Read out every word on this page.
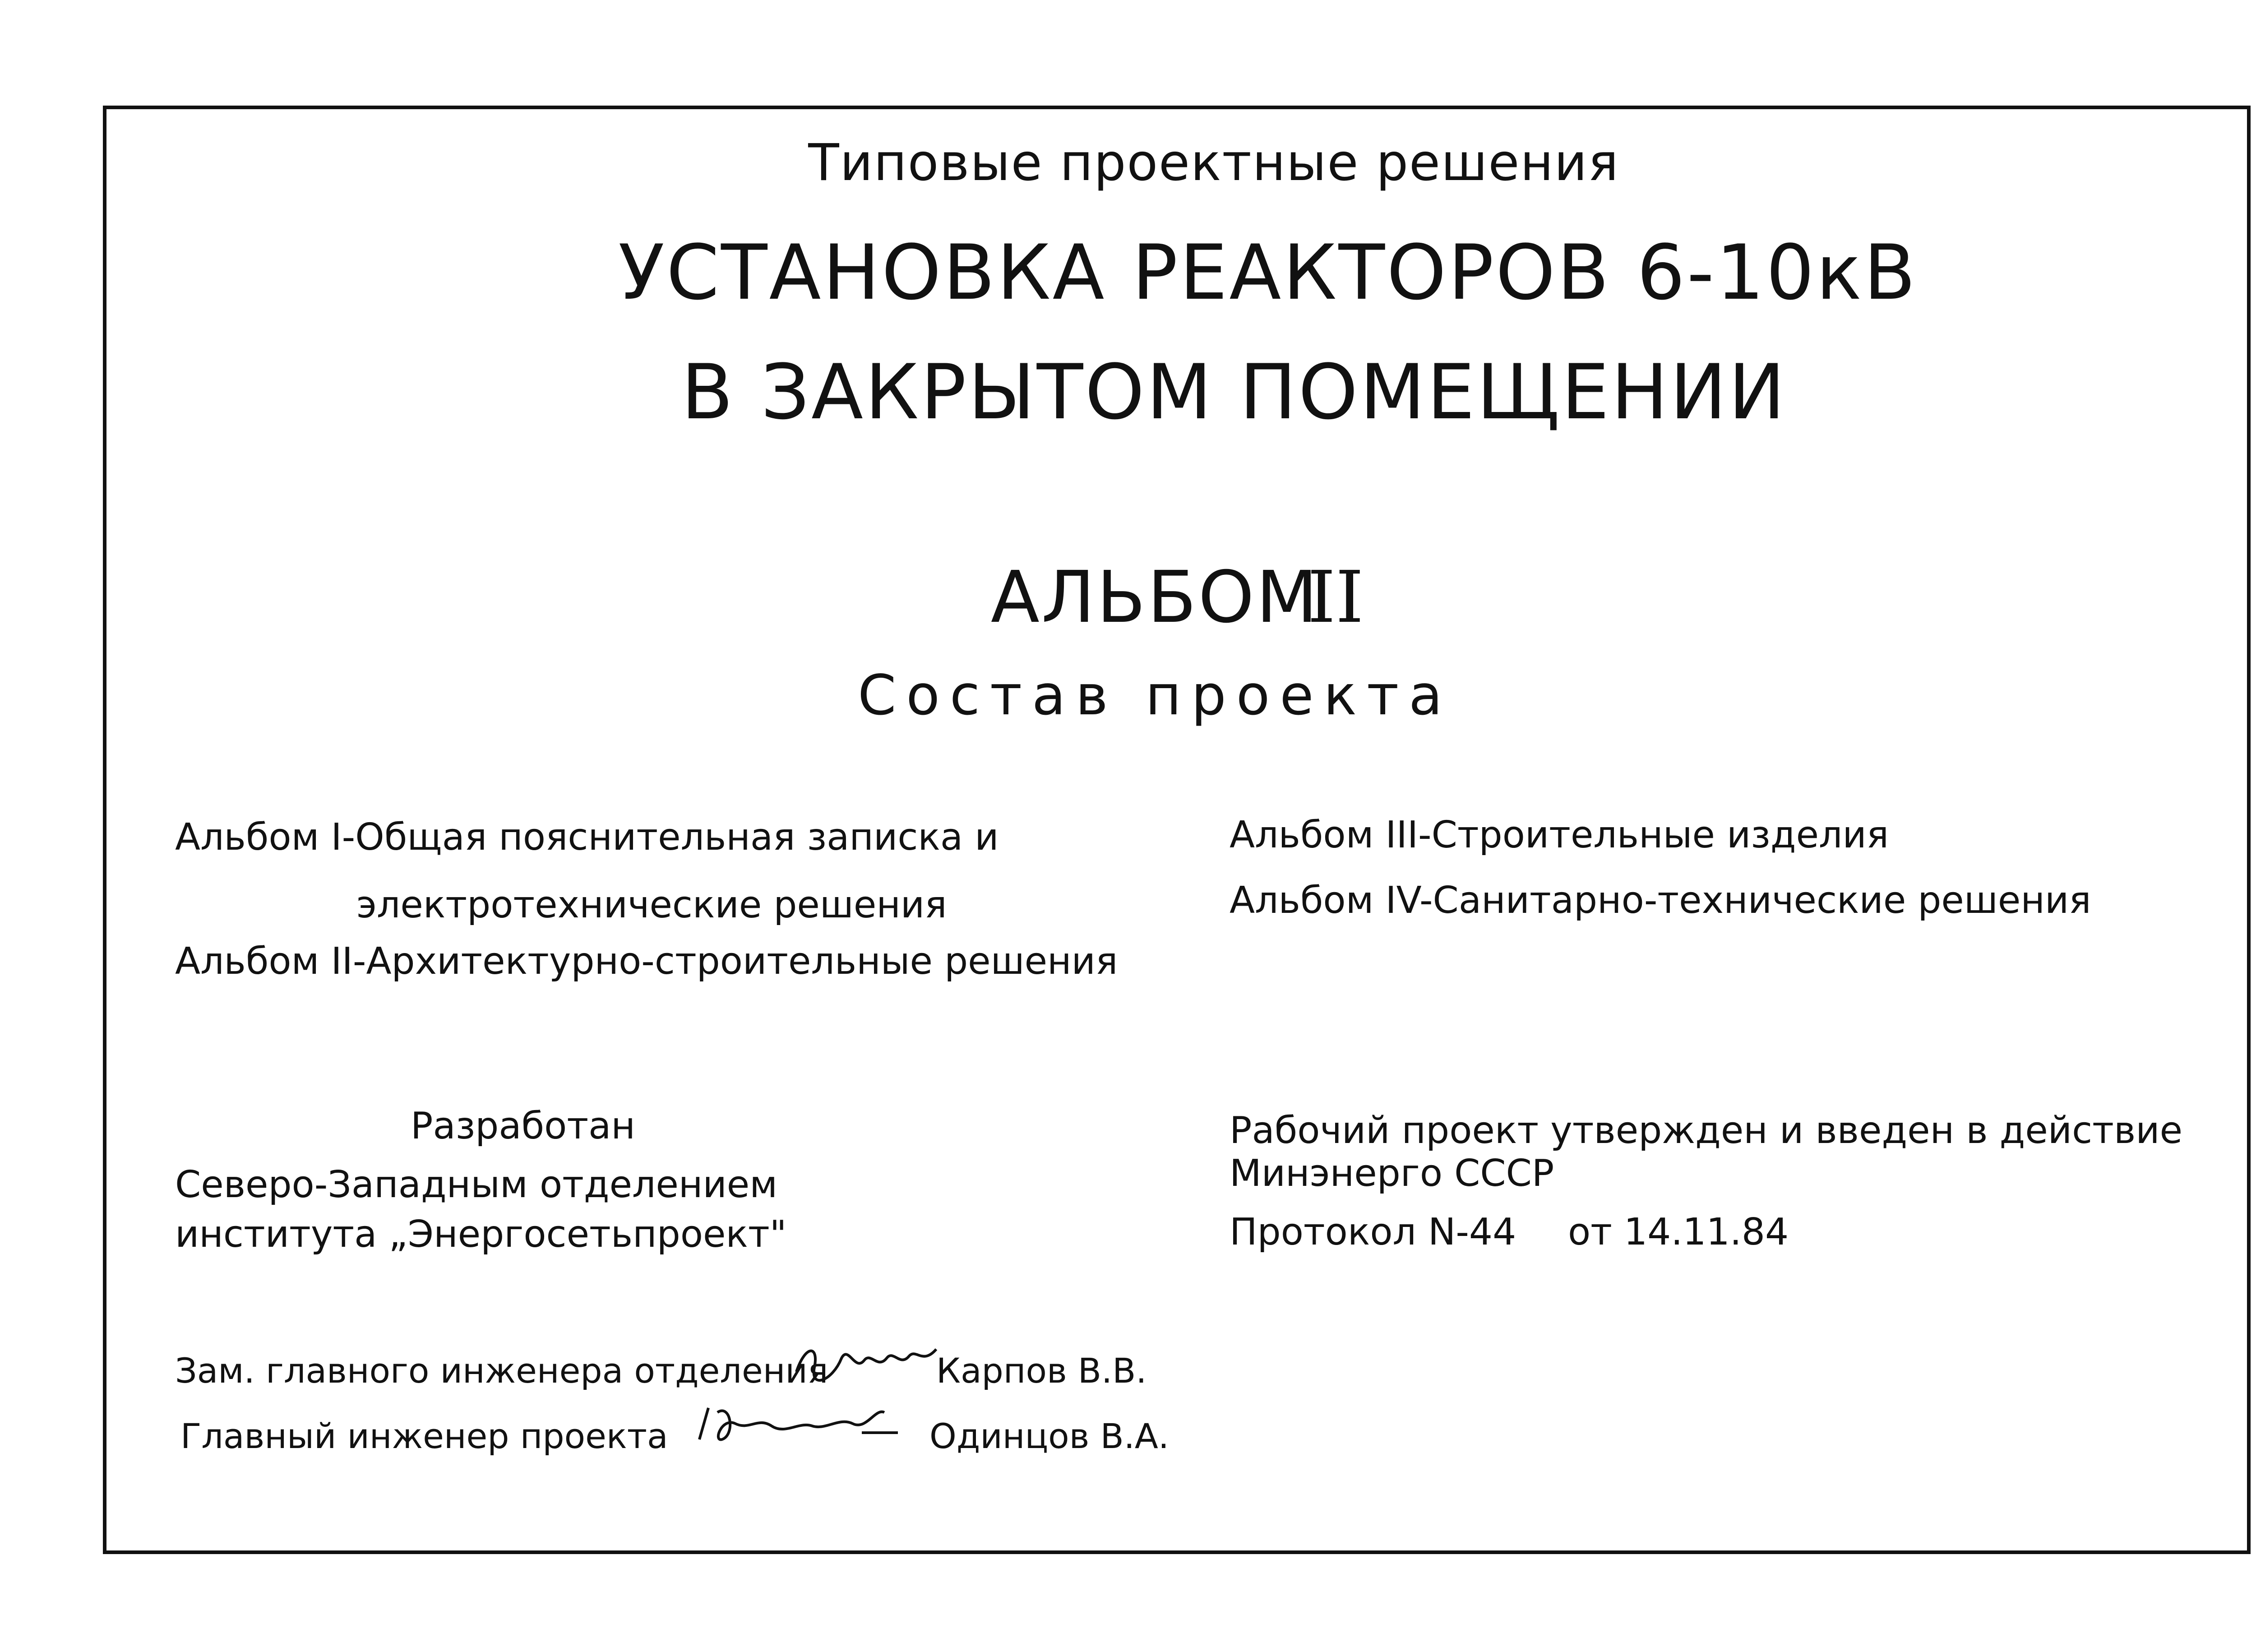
Типовые проектные решения
УСТАНОВКА РЕАКТОРОВ 6-10кВ
В ЗАКРЫТОМ ПОМЕЩЕНИИ
АЛЬБОМ
II
Состав проекта
Альбом I-Общая пояснительная записка и
электротехнические решения
Альбом II-Архитектурно-строительные решения
Альбом III-Строительные изделия
Альбом IV-Санитарно-технические решения
Разработан
Северо-Западным отделением
института „Энергосетьпроект"
Рабочий проект утвержден и введен в действие
Минэнерго СССР
Протокол N-44 от 14.11.84
Зам. главного инженера отделения	Карпов В.В.
Главный инженер проекта	Одинцов В.А.
